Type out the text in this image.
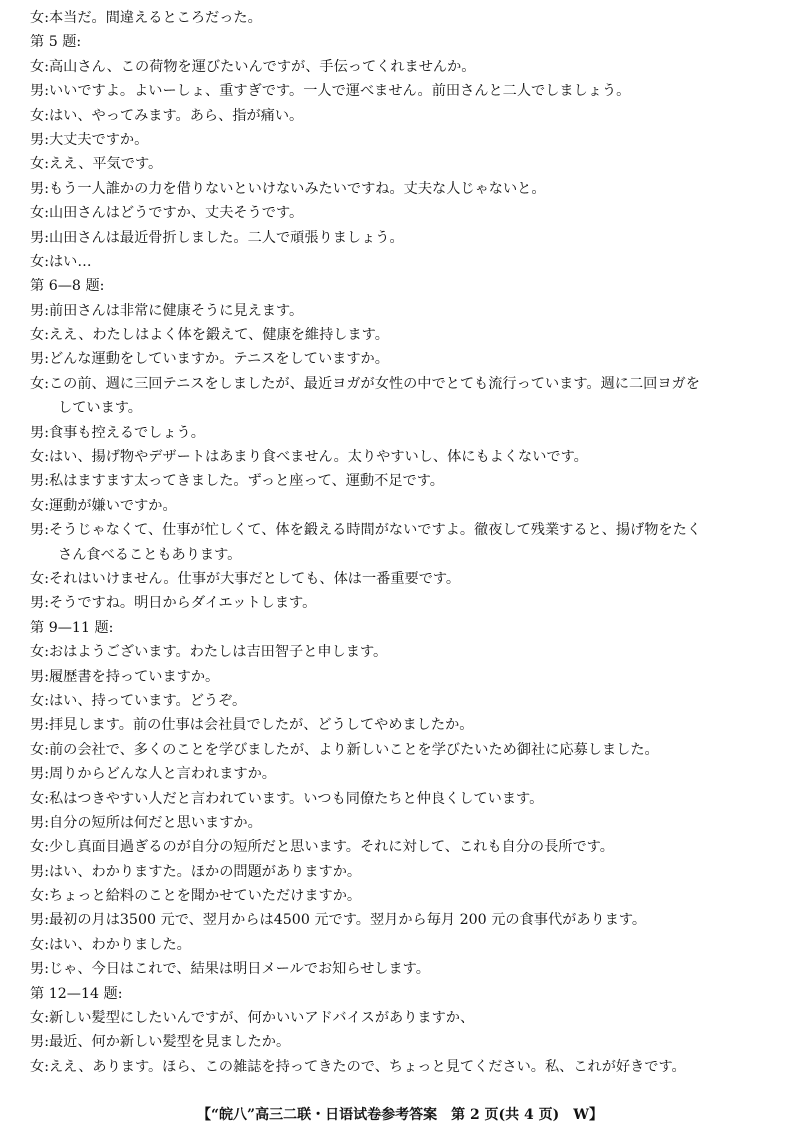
女:本当だ。間違えるところだった。
第 5 题:
女:高山さん、この荷物を運びたいんですが、手伝ってくれませんか。
男:いいですよ。よいーしょ、重すぎです。一人で運べません。前田さんと二人でしましょう。
女:はい、やってみます。あら、指が痛い。
男:大丈夫ですか。
女:ええ、平気です。
男:もう一人誰かの力を借りないといけないみたいですね。丈夫な人じゃないと。
女:山田さんはどうですか、丈夫そうです。
男:山田さんは最近骨折しました。二人で頑張りましょう。
女:はい…
第 6—8 题:
男:前田さんは非常に健康そうに見えます。
女:ええ、わたしはよく体を鍛えて、健康を維持します。
男:どんな運動をしていますか。テニスをしていますか。
女:この前、週に三回テニスをしましたが、最近ヨガが女性の中でとても流行っています。週に二回ヨガを
しています。
男:食事も控えるでしょう。
女:はい、揚げ物やデザートはあまり食べません。太りやすいし、体にもよくないです。
男:私はますます太ってきました。ずっと座って、運動不足です。
女:運動が嫌いですか。
男:そうじゃなくて、仕事が忙しくて、体を鍛える時間がないですよ。徹夜して残業すると、揚げ物をたく
さん食べることもあります。
女:それはいけません。仕事が大事だとしても、体は一番重要です。
男:そうですね。明日からダイエットします。
第 9—11 题:
女:おはようございます。わたしは吉田智子と申します。
男:履歴書を持っていますか。
女:はい、持っています。どうぞ。
男:拝見します。前の仕事は会社員でしたが、どうしてやめましたか。
女:前の会社で、多くのことを学びましたが、より新しいことを学びたいため御社に応募しました。
男:周りからどんな人と言われますか。
女:私はつきやすい人だと言われています。いつも同僚たちと仲良くしています。
男:自分の短所は何だと思いますか。
女:少し真面目過ぎるのが自分の短所だと思います。それに対して、これも自分の長所です。
男:はい、わかりますた。ほかの問題がありますか。
女:ちょっと給料のことを聞かせていただけますか。
男:最初の月は3500 元で、翌月からは4500 元です。翌月から毎月 200 元の食事代があります。
女:はい、わかりました。
男:じゃ、今日はこれで、結果は明日メールでお知らせします。
第 12—14 题:
女:新しい髪型にしたいんですが、何かいいアドバイスがありますか、
男:最近、何か新しい髪型を見ましたか。
女:ええ、あります。ほら、この雑誌を持ってきたので、ちょっと見てください。私、これが好きです。
【“皖八”高三二联・日语试卷参考答案　第 2 页(共 4 页)　W】
